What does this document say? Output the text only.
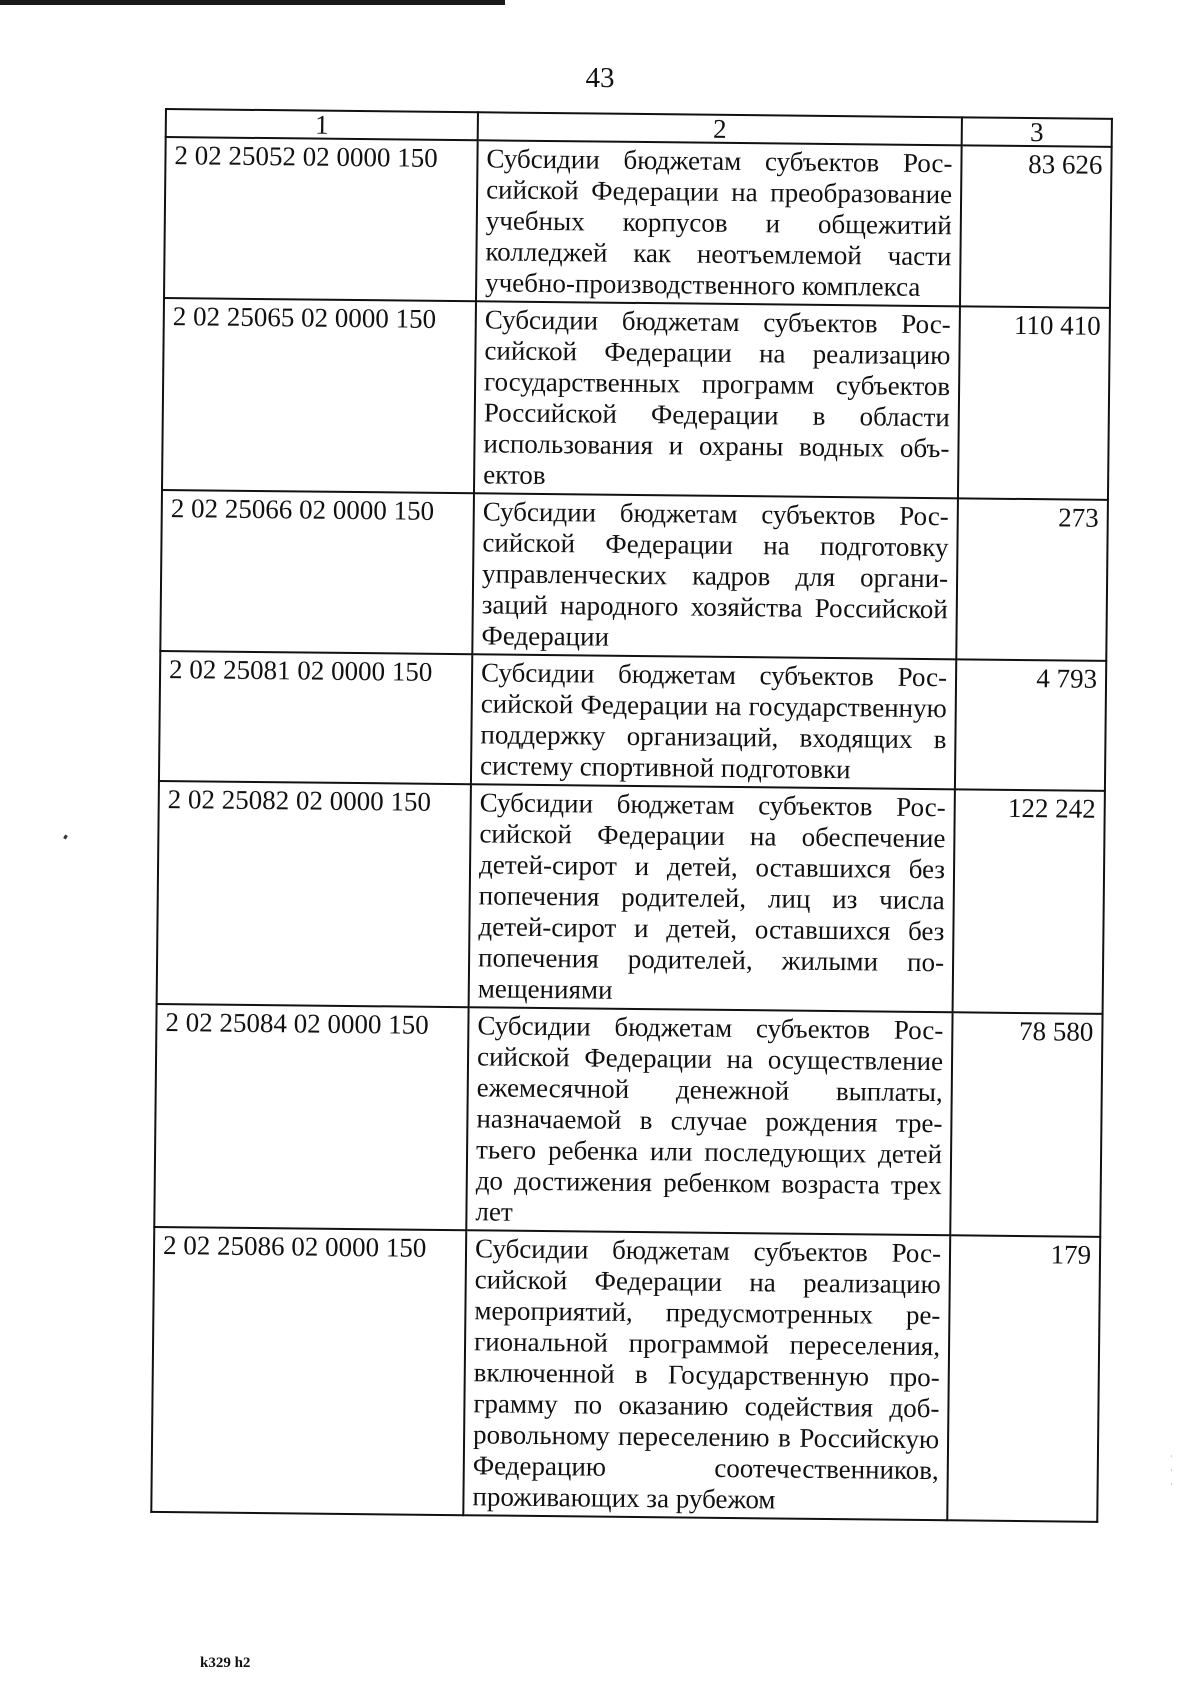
43
1	2	3
2 02 25052 02 0000 150	Субсидии бюджетам субъектов Российской Федерации на преобразование учебных корпусов и общежитий колледжей как неотъемлемой части учебно-производственного комплекса	83 626
2 02 25065 02 0000 150	Субсидии бюджетам субъектов Российской Федерации на реализацию государственных программ субъектов Российской Федерации в области использования и охраны водных объектов	110 410
2 02 25066 02 0000 150	Субсидии бюджетам субъектов Российской Федерации на подготовку управленческих кадров для организаций народного хозяйства Российской Федерации	273
2 02 25081 02 0000 150	Субсидии бюджетам субъектов Российской Федерации на государственную поддержку организаций, входящих в систему спортивной подготовки	4 793
2 02 25082 02 0000 150	Субсидии бюджетам субъектов Российской Федерации на обеспечение детей-сирот и детей, оставшихся без попечения родителей, лиц из числа детей-сирот и детей, оставшихся без попечения родителей, жилыми помещениями	122 242
2 02 25084 02 0000 150	Субсидии бюджетам субъектов Российской Федерации на осуществление ежемесячной денежной выплаты, назначаемой в случае рождения третьего ребенка или последующих детей до достижения ребенком возраста трех лет	78 580
2 02 25086 02 0000 150	Субсидии бюджетам субъектов Российской Федерации на реализацию мероприятий, предусмотренных региональной программой переселения, включенной в Государственную программу по оказанию содействия добровольному переселению в Российскую Федерацию соотечественников, проживающих за рубежом	179
k329 h2
·
·
·
